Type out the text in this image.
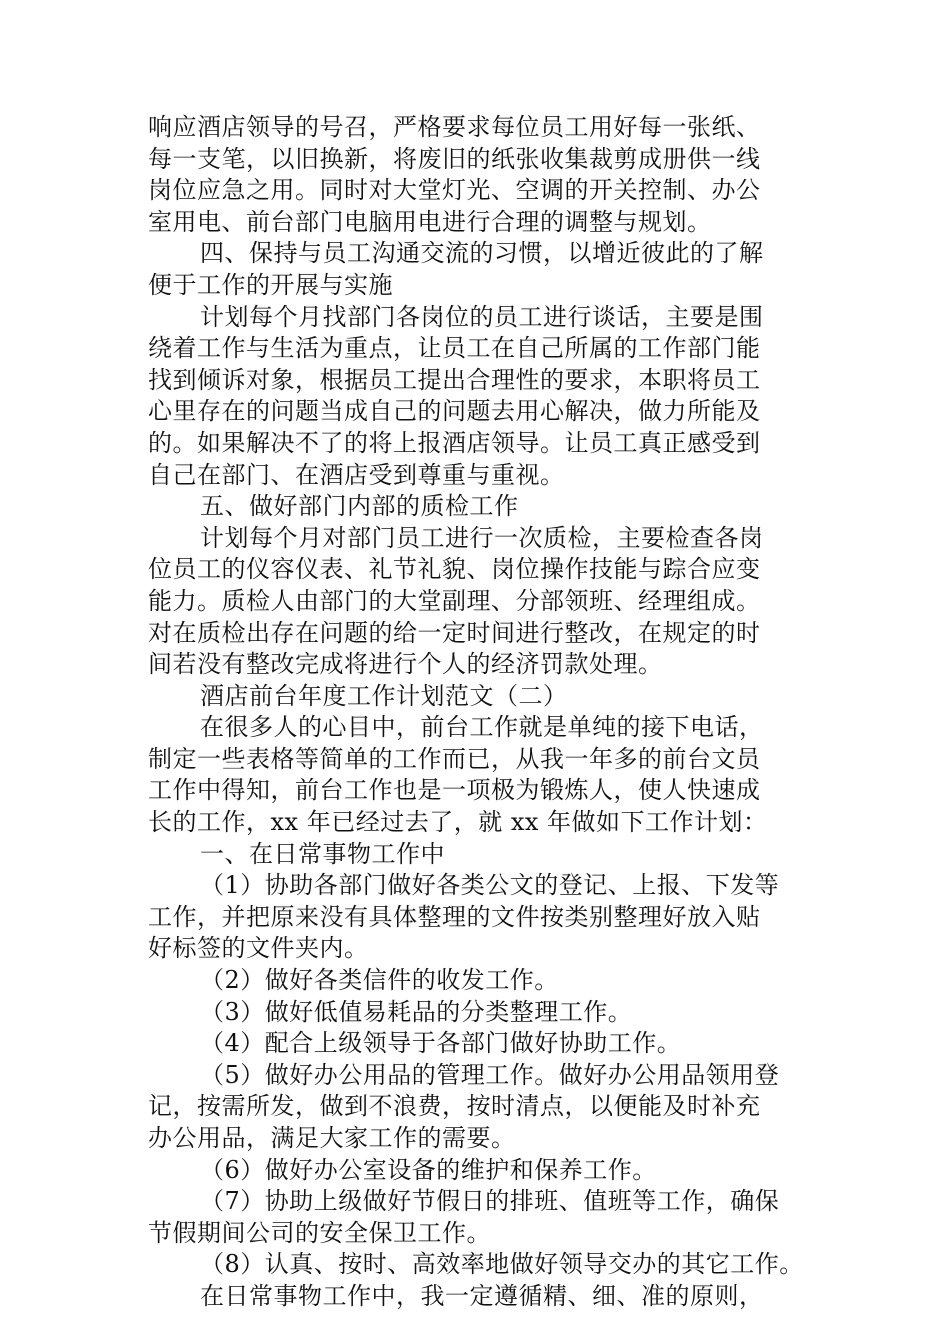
响应酒店领导的号召，严格要求每位员工用好每一张纸、
每一支笔，以旧换新，将废旧的纸张收集裁剪成册供一线
岗位应急之用。同时对大堂灯光、空调的开关控制、办公
室用电、前台部门电脑用电进行合理的调整与规划。
四、保持与员工沟通交流的习惯，以增近彼此的了解
便于工作的开展与实施
计划每个月找部门各岗位的员工进行谈话，主要是围
绕着工作与生活为重点，让员工在自己所属的工作部门能
找到倾诉对象，根据员工提出合理性的要求，本职将员工
心里存在的问题当成自己的问题去用心解决，做力所能及
的。如果解决不了的将上报酒店领导。让员工真正感受到
自己在部门、在酒店受到尊重与重视。
五、做好部门内部的质检工作
计划每个月对部门员工进行一次质检，主要检查各岗
位员工的仪容仪表、礼节礼貌、岗位操作技能与踪合应变
能力。质检人由部门的大堂副理、分部领班、经理组成。
对在质检出存在问题的给一定时间进行整改，在规定的时
间若没有整改完成将进行个人的经济罚款处理。
酒店前台年度工作计划范文（二）
在很多人的心目中，前台工作就是单纯的接下电话，
制定一些表格等简单的工作而已，从我一年多的前台文员
工作中得知，前台工作也是一项极为锻炼人，使人快速成
长的工作，xx 年已经过去了，就 xx 年做如下工作计划：
一、在日常事物工作中
（1）协助各部门做好各类公文的登记、上报、下发等
工作，并把原来没有具体整理的文件按类别整理好放入贴
好标签的文件夹内。
（2）做好各类信件的收发工作。
（3）做好低值易耗品的分类整理工作。
（4）配合上级领导于各部门做好协助工作。
（5）做好办公用品的管理工作。做好办公用品领用登
记，按需所发，做到不浪费，按时清点，以便能及时补充
办公用品，满足大家工作的需要。
（6）做好办公室设备的维护和保养工作。
（7）协助上级做好节假日的排班、值班等工作，确保
节假期间公司的安全保卫工作。
（8）认真、按时、高效率地做好领导交办的其它工作。
在日常事物工作中，我一定遵循精、细、准的原则，
